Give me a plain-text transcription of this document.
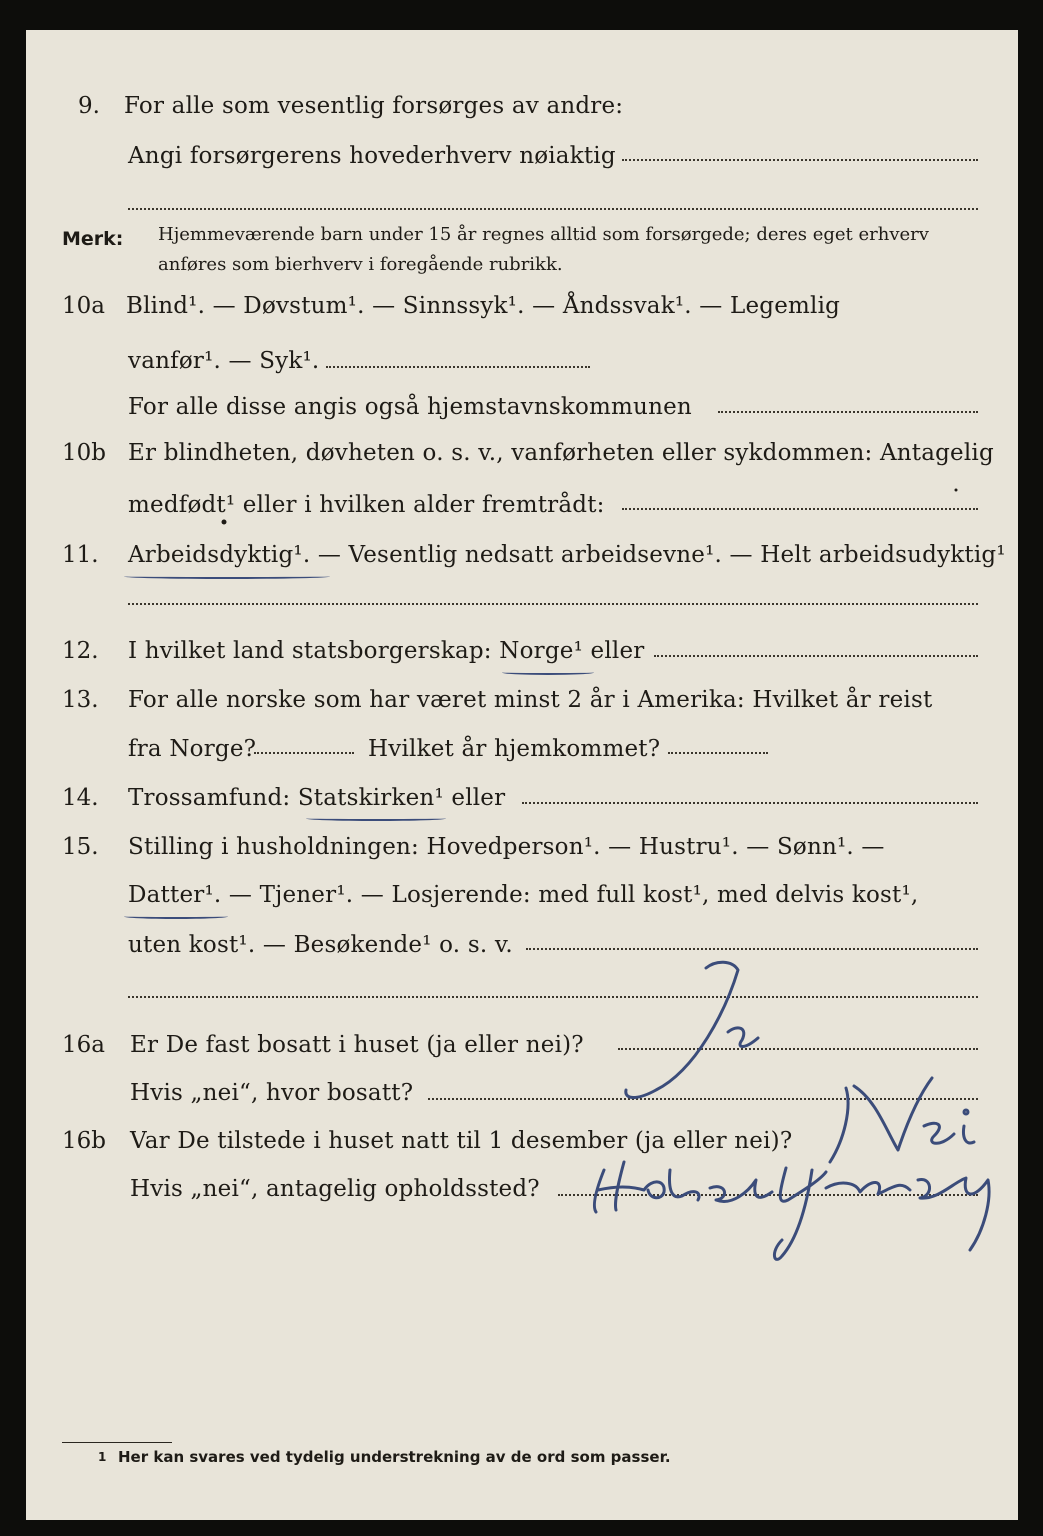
9. For alle som vesentlig forsørges av andre:
Angi forsørgerens hovederhverv nøiaktig
Merk: Hjemmeværende barn under 15 år regnes alltid som forsørgede; deres eget erhverv anføres som bierhverv i foregående rubrikk.
10a Blind¹. — Døvstum¹. — Sinnssyk¹. — Åndssvak¹. — Legemlig
vanfør¹. — Syk¹.
For alle disse angis også hjemstavnskommunen
10b Er blindheten, døvheten o. s. v., vanførheten eller sykdommen: Antagelig
medfødt¹ eller i hvilken alder fremtrådt:
11. Arbeidsdyktig¹. — Vesentlig nedsatt arbeidsevne¹. — Helt arbeidsudyktig¹
12. I hvilket land statsborgerskap: Norge¹ eller
13. For alle norske som har været minst 2 år i Amerika: Hvilket år reist
fra Norge?	Hvilket år hjemkommet?
14. Trossamfund: Statskirken¹ eller
15. Stilling i husholdningen: Hovedperson¹. — Hustru¹. — Sønn¹. —
Datter¹. — Tjener¹. — Losjerende: med full kost¹, med delvis kost¹,
uten kost¹. — Besøkende¹ o. s. v.
16a Er De fast bosatt i huset (ja eller nei)?
Hvis „nei“, hvor bosatt?
16b Var De tilstede i huset natt til 1 desember (ja eller nei)?
Hvis „nei“, antagelig opholdssted?
1 Her kan svares ved tydelig understrekning av de ord som passer.
